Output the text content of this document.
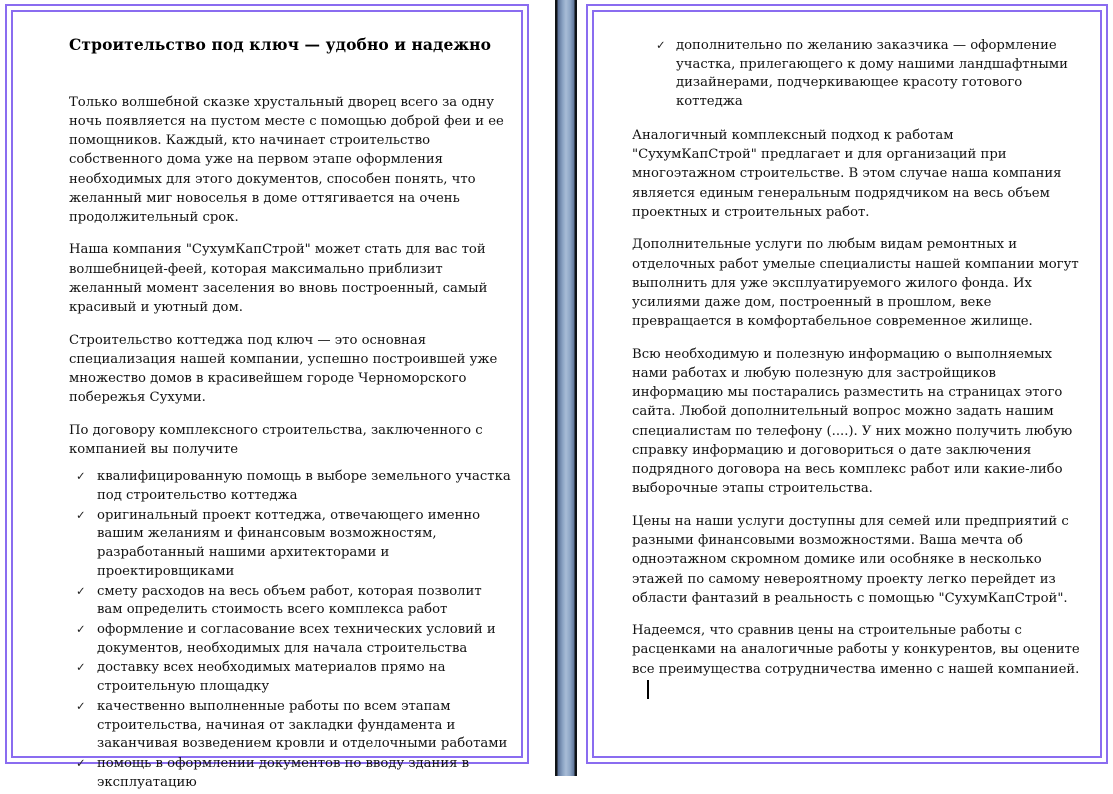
Строительство под ключ — удобно и надежно

Только волшебной сказке хрустальный дворец всего за одну ночь появляется на пустом месте с помощью доброй феи и ее помощников. Каждый, кто начинает строительство собственного дома уже на первом этапе оформления необходимых для этого документов, способен понять, что желанный миг новоселья в доме оттягивается на очень продолжительный срок.

Наша компания "СухумКапСтрой" может стать для вас той волшебницей-феей, которая максимально приблизит желанный момент заселения во вновь построенный, самый красивый и уютный дом.

Строительство коттеджа под ключ — это основная специализация нашей компании, успешно построившей уже множество домов в красивейшем городе Черноморского побережья Сухуми.

По договору комплексного строительства, заключенного с компанией вы получите

✓ квалифицированную помощь в выборе земельного участка под строительство коттеджа
✓ оригинальный проект коттеджа, отвечающего именно вашим желаниям и финансовым возможностям, разработанный нашими архитекторами и проектировщиками
✓ смету расходов на весь объем работ, которая позволит вам определить стоимость всего комплекса работ
✓ оформление и согласование всех технических условий и документов, необходимых для начала строительства
✓ доставку всех необходимых материалов прямо на строительную площадку
✓ качественно выполненные работы по всем этапам строительства, начиная от закладки фундамента и заканчивая возведением кровли и отделочными работами
✓ помощь в оформлении документов по вводу здания в эксплуатацию
✓ дополнительно по желанию заказчика — оформление участка, прилегающего к дому нашими ландшафтными дизайнерами, подчеркивающее красоту готового коттеджа

Аналогичный комплексный подход к работам "СухумКапСтрой" предлагает и для организаций при многоэтажном строительстве. В этом случае наша компания является единым генеральным подрядчиком на весь объем проектных и строительных работ.

Дополнительные услуги по любым видам ремонтных и отделочных работ умелые специалисты нашей компании могут выполнить для уже эксплуатируемого жилого фонда. Их усилиями даже дом, построенный в прошлом, веке превращается в комфортабельное современное жилище.

Всю необходимую и полезную информацию о выполняемых нами работах и любую полезную для застройщиков информацию мы постарались разместить на страницах этого сайта. Любой дополнительный вопрос можно задать нашим специалистам по телефону (....). У них можно получить любую справку информацию и договориться о дате заключения подрядного договора на весь комплекс работ или какие-либо выборочные этапы строительства.

Цены на наши услуги доступны для семей или предприятий с разными финансовыми возможностями. Ваша мечта об одноэтажном скромном домике или особняке в несколько этажей по самому невероятному проекту легко перейдет из области фантазий в реальность с помощью "СухумКапСтрой".

Надеемся, что сравнив цены на строительные работы с расценками на аналогичные работы у конкурентов, вы оцените все преимущества сотрудничества именно с нашей компанией.
